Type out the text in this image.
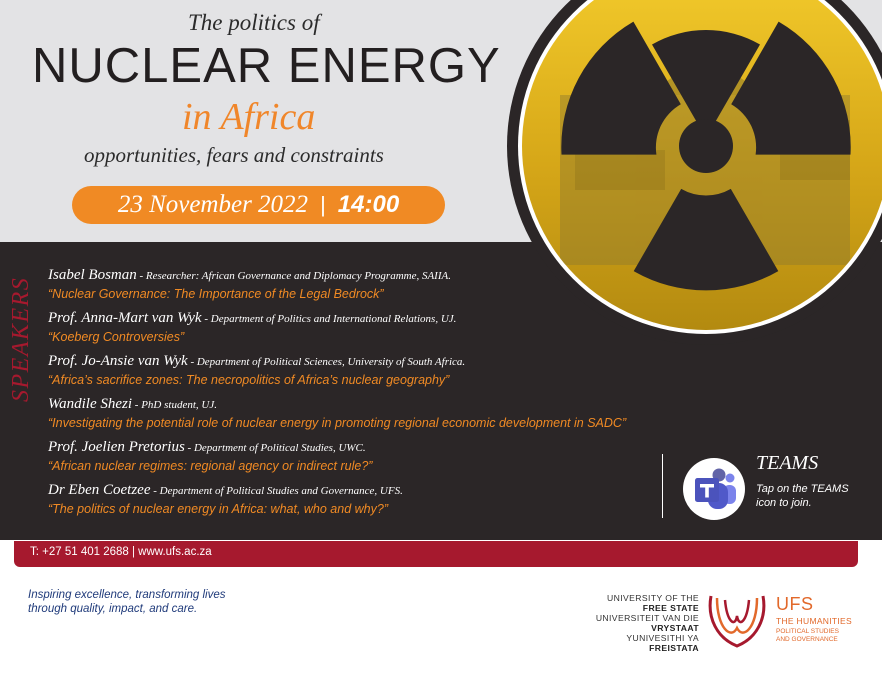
The politics of
NUCLEAR ENERGY
in Africa
opportunities, fears and constraints
23 November 2022 | 14:00
SPEAKERS
Isabel Bosman - Researcher: African Governance and Diplomacy Programme, SAIIA.
“Nuclear Governance: The Importance of the Legal Bedrock”
Prof. Anna-Mart van Wyk - Department of Politics and International Relations, UJ.
“Koeberg Controversies”
Prof. Jo-Ansie van Wyk - Department of Political Sciences, University of South Africa.
“Africa’s sacrifice zones: The necropolitics of Africa’s nuclear geography”
Wandile Shezi - PhD student, UJ.
“Investigating the potential role of nuclear energy in promoting regional economic development in SADC”
Prof. Joelien Pretorius - Department of Political Studies, UWC.
“African nuclear regimes: regional agency or indirect rule?”
Dr Eben Coetzee - Department of Political Studies and Governance, UFS.
“The politics of nuclear energy in Africa: what, who and why?”
TEAMS
Tap on the TEAMS icon to join.
T: +27 51 401 2688 | www.ufs.ac.za
Inspiring excellence, transforming lives
through quality, impact, and care.
UNIVERSITY OF THE
FREE STATE
UNIVERSITEIT VAN DIE
VRYSTAAT
YUNIVESITHI YA
FREISTATA
UFS
THE HUMANITIES
POLITICAL STUDIES
AND GOVERNANCE
